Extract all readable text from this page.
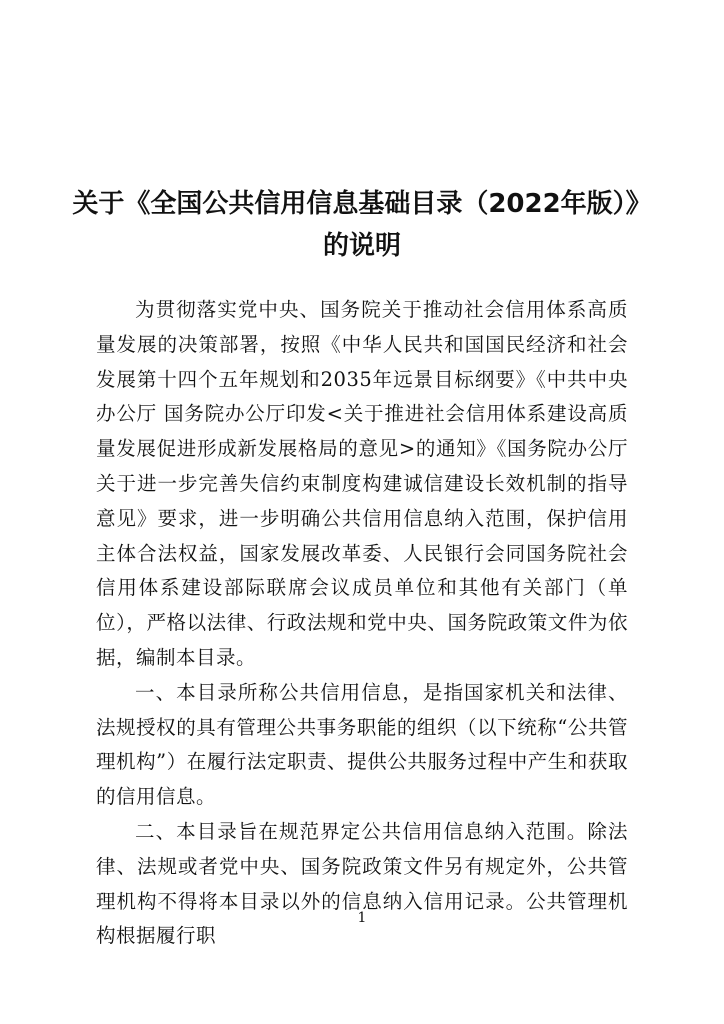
关于《全国公共信用信息基础目录（2022年版）》
的说明

为贯彻落实党中央、国务院关于推动社会信用体系高质量发展的决策部署，按照《中华人民共和国国民经济和社会发展第十四个五年规划和2035年远景目标纲要》《中共中央办公厅 国务院办公厅印发<关于推进社会信用体系建设高质量发展促进形成新发展格局的意见>的通知》《国务院办公厅关于进一步完善失信约束制度构建诚信建设长效机制的指导意见》要求，进一步明确公共信用信息纳入范围，保护信用主体合法权益，国家发展改革委、人民银行会同国务院社会信用体系建设部际联席会议成员单位和其他有关部门（单位），严格以法律、行政法规和党中央、国务院政策文件为依据，编制本目录。

一、本目录所称公共信用信息，是指国家机关和法律、法规授权的具有管理公共事务职能的组织（以下统称“公共管理机构”）在履行法定职责、提供公共服务过程中产生和获取的信用信息。

二、本目录旨在规范界定公共信用信息纳入范围。除法律、法规或者党中央、国务院政策文件另有规定外，公共管理机构不得将本目录以外的信息纳入信用记录。公共管理机构根据履行职

1
